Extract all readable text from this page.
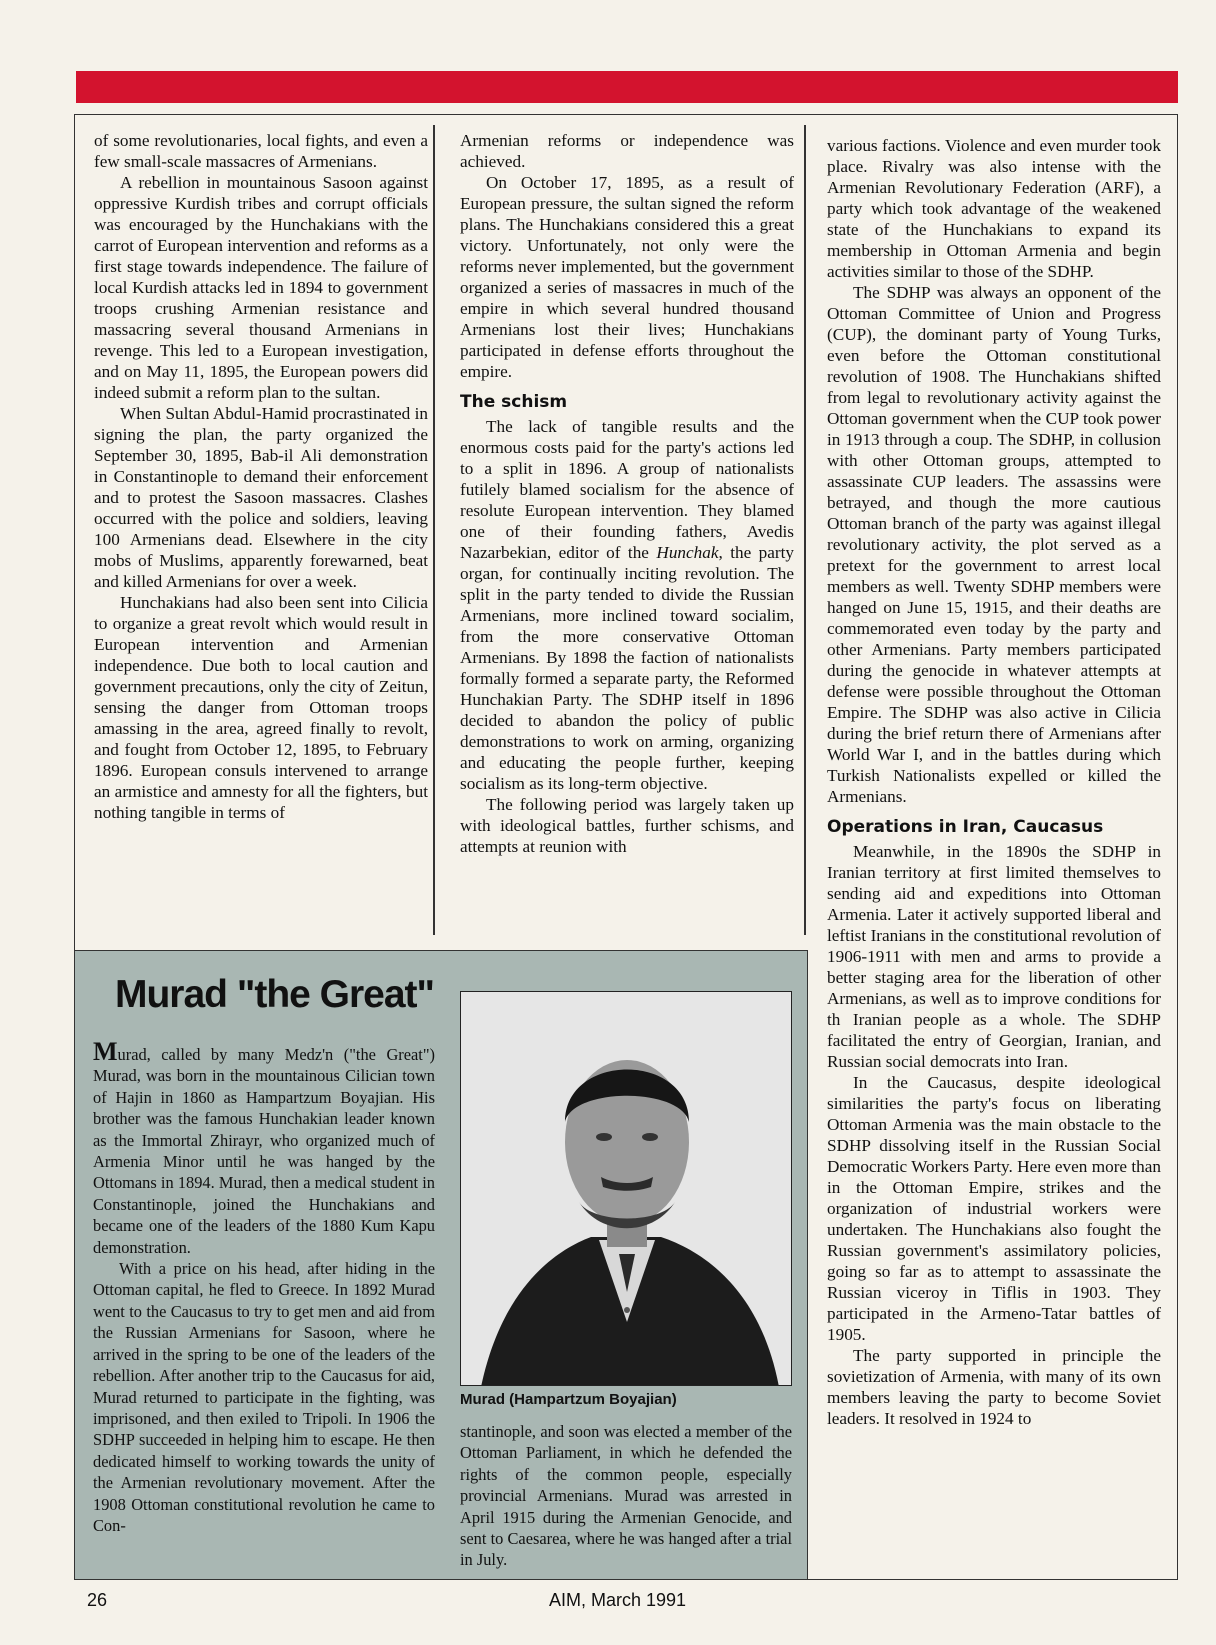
of some revolutionaries, local fights, and even a few small-scale massacres of Armenians.

A rebellion in mountainous Sasoon against oppressive Kurdish tribes and corrupt officials was encouraged by the Hunchakians with the carrot of European intervention and reforms as a first stage towards independence. The failure of local Kurdish attacks led in 1894 to government troops crushing Armenian resistance and massacring several thousand Armenians in revenge. This led to a European investigation, and on May 11, 1895, the European powers did indeed submit a reform plan to the sultan.

When Sultan Abdul-Hamid procrastinated in signing the plan, the party organized the September 30, 1895, Bab-il Ali demonstration in Constantinople to demand their enforcement and to protest the Sasoon massacres. Clashes occurred with the police and soldiers, leaving 100 Armenians dead. Elsewhere in the city mobs of Muslims, apparently forewarned, beat and killed Armenians for over a week.

Hunchakians had also been sent into Cilicia to organize a great revolt which would result in European intervention and Armenian independence. Due both to local caution and government precautions, only the city of Zeitun, sensing the danger from Ottoman troops amassing in the area, agreed finally to revolt, and fought from October 12, 1895, to February 1896. European consuls intervened to arrange an armistice and amnesty for all the fighters, but nothing tangible in terms of

Armenian reforms or independence was achieved.

On October 17, 1895, as a result of European pressure, the sultan signed the reform plans. The Hunchakians considered this a great victory. Unfortunately, not only were the reforms never implemented, but the government organized a series of massacres in much of the empire in which several hundred thousand Armenians lost their lives; Hunchakians participated in defense efforts throughout the empire.

The schism

The lack of tangible results and the enormous costs paid for the party's actions led to a split in 1896. A group of nationalists futilely blamed socialism for the absence of resolute European intervention. They blamed one of their founding fathers, Avedis Nazarbekian, editor of the Hunchak, the party organ, for continually inciting revolution. The split in the party tended to divide the Russian Armenians, more inclined toward socialim, from the more conservative Ottoman Armenians. By 1898 the faction of nationalists formally formed a separate party, the Reformed Hunchakian Party. The SDHP itself in 1896 decided to abandon the policy of public demonstrations to work on arming, organizing and educating the people further, keeping socialism as its long-term objective.

The following period was largely taken up with ideological battles, further schisms, and attempts at reunion with

various factions. Violence and even murder took place. Rivalry was also intense with the Armenian Revolutionary Federation (ARF), a party which took advantage of the weakened state of the Hunchakians to expand its membership in Ottoman Armenia and begin activities similar to those of the SDHP.

The SDHP was always an opponent of the Ottoman Committee of Union and Progress (CUP), the dominant party of Young Turks, even before the Ottoman constitutional revolution of 1908. The Hunchakians shifted from legal to revolutionary activity against the Ottoman government when the CUP took power in 1913 through a coup. The SDHP, in collusion with other Ottoman groups, attempted to assassinate CUP leaders. The assassins were betrayed, and though the more cautious Ottoman branch of the party was against illegal revolutionary activity, the plot served as a pretext for the government to arrest local members as well. Twenty SDHP members were hanged on June 15, 1915, and their deaths are commemorated even today by the party and other Armenians. Party members participated during the genocide in whatever attempts at defense were possible throughout the Ottoman Empire. The SDHP was also active in Cilicia during the brief return there of Armenians after World War I, and in the battles during which Turkish Nationalists expelled or killed the Armenians.

Operations in Iran, Caucasus

Meanwhile, in the 1890s the SDHP in Iranian territory at first limited themselves to sending aid and expeditions into Ottoman Armenia. Later it actively supported liberal and leftist Iranians in the constitutional revolution of 1906-1911 with men and arms to provide a better staging area for the liberation of other Armenians, as well as to improve conditions for th Iranian people as a whole. The SDHP facilitated the entry of Georgian, Iranian, and Russian social democrats into Iran.

In the Caucasus, despite ideological similarities the party's focus on liberating Ottoman Armenia was the main obstacle to the SDHP dissolving itself in the Russian Social Democratic Workers Party. Here even more than in the Ottoman Empire, strikes and the organization of industrial workers were undertaken. The Hunchakians also fought the Russian government's assimilatory policies, going so far as to attempt to assassinate the Russian viceroy in Tiflis in 1903. They participated in the Armeno-Tatar battles of 1905.

The party supported in principle the sovietization of Armenia, with many of its own members leaving the party to become Soviet leaders. It resolved in 1924 to

Murad "the Great"

Murad, called by many Medz'n ("the Great") Murad, was born in the mountainous Cilician town of Hajin in 1860 as Hampartzum Boyajian. His brother was the famous Hunchakian leader known as the Immortal Zhirayr, who organized much of Armenia Minor until he was hanged by the Ottomans in 1894. Murad, then a medical student in Constantinople, joined the Hunchakians and became one of the leaders of the 1880 Kum Kapu demonstration.

With a price on his head, after hiding in the Ottoman capital, he fled to Greece. In 1892 Murad went to the Caucasus to try to get men and aid from the Russian Armenians for Sasoon, where he arrived in the spring to be one of the leaders of the rebellion. After another trip to the Caucasus for aid, Murad returned to participate in the fighting, was imprisoned, and then exiled to Tripoli. In 1906 the SDHP succeeded in helping him to escape. He then dedicated himself to working towards the unity of the Armenian revolutionary movement. After the 1908 Ottoman constitutional revolution he came to Con-

Murad (Hampartzum Boyajian)

stantinople, and soon was elected a member of the Ottoman Parliament, in which he defended the rights of the common people, especially provincial Armenians. Murad was arrested in April 1915 during the Armenian Genocide, and sent to Caesarea, where he was hanged after a trial in July.

26	AIM, March 1991
